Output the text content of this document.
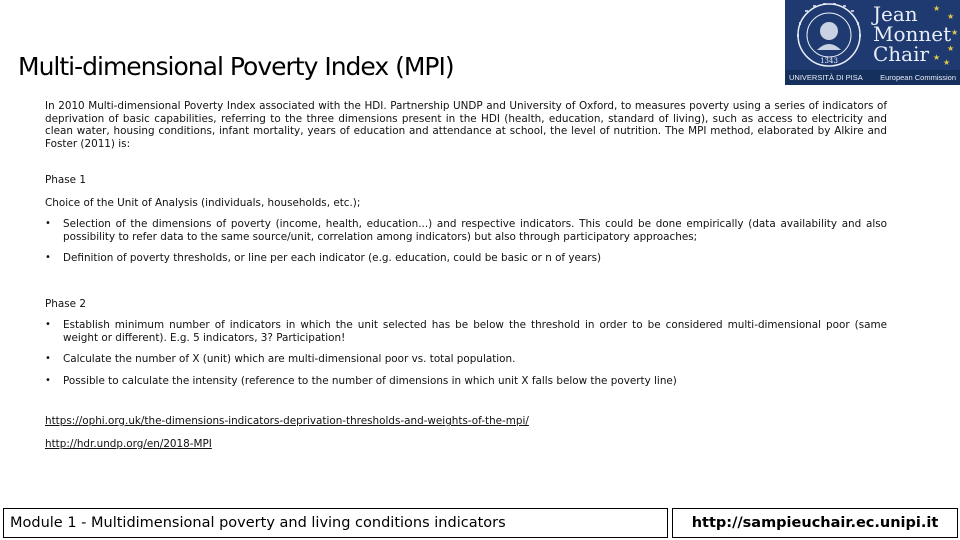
Multi-dimensional Poverty Index (MPI)	1343
Jean
Monnet
Chair
★
★
★
★
★
★
UNIVERSITÀ DI PISA European Commission

In 2010 Multi-dimensional Poverty Index associated with the HDI. Partnership UNDP and University of Oxford, to measures poverty using a series of indicators of deprivation of basic capabilities, referring to the three dimensions present in the HDI (health, education, standard of living), such as access to electricity and clean water, housing conditions, infant mortality, years of education and attendance at school, the level of nutrition. The MPI method, elaborated by Alkire and Foster (2011) is:

Phase 1

Choice of the Unit of Analysis (individuals, households, etc.);

• Selection of the dimensions of poverty (income, health, education...) and respective indicators. This could be done empirically (data availability and also possibility to refer data to the same source/unit, correlation among indicators) but also through participatory approaches;
• Definition of poverty thresholds, or line per each indicator (e.g. education, could be basic or n of years)

Phase 2

• Establish minimum number of indicators in which the unit selected has be below the threshold in order to be considered multi-dimensional poor (same weight or different). E.g. 5 indicators, 3? Participation!
• Calculate the number of X (unit) which are multi-dimensional poor vs. total population.
• Possible to calculate the intensity (reference to the number of dimensions in which unit X falls below the poverty line)
https://ophi.org.uk/the-dimensions-indicators-deprivation-thresholds-and-weights-of-the-mpi/
http://hdr.undp.org/en/2018-MPI
Module 1 - Multidimensional poverty and living conditions indicators	http://sampieuchair.ec.unipi.it
